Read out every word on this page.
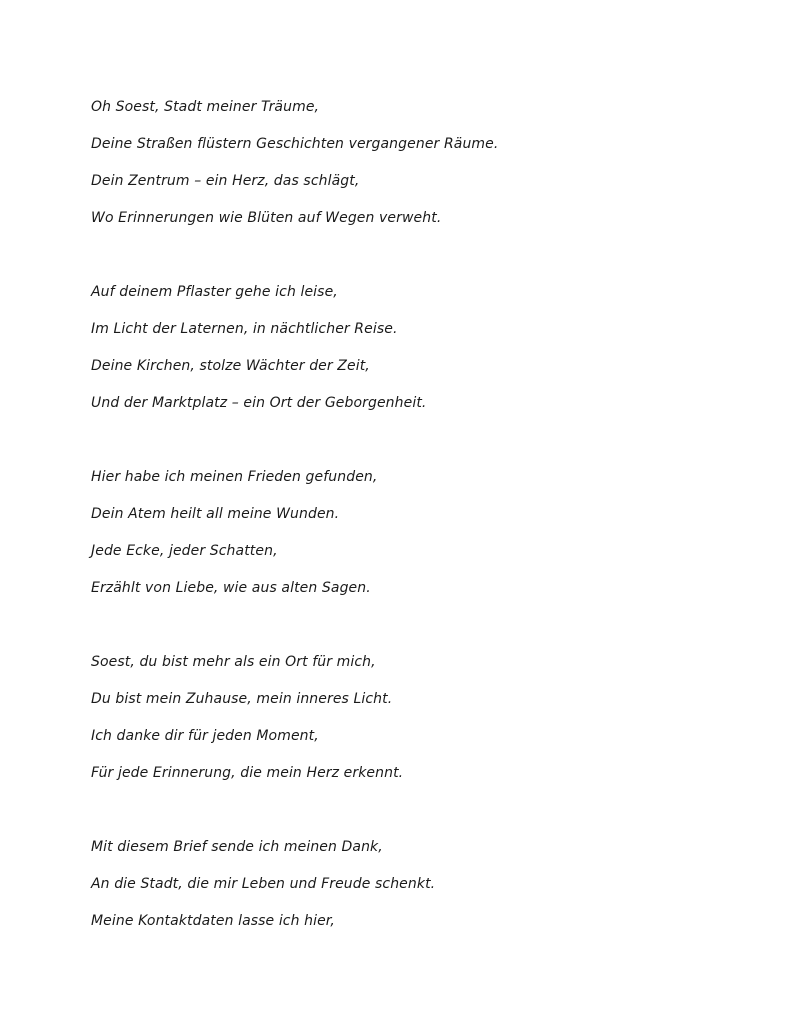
Oh Soest, Stadt meiner Träume,
Deine Straßen flüstern Geschichten vergangener Räume.
Dein Zentrum – ein Herz, das schlägt,
Wo Erinnerungen wie Blüten auf Wegen verweht.
Auf deinem Pflaster gehe ich leise,
Im Licht der Laternen, in nächtlicher Reise.
Deine Kirchen, stolze Wächter der Zeit,
Und der Marktplatz – ein Ort der Geborgenheit.
Hier habe ich meinen Frieden gefunden,
Dein Atem heilt all meine Wunden.
Jede Ecke, jeder Schatten,
Erzählt von Liebe, wie aus alten Sagen.
Soest, du bist mehr als ein Ort für mich,
Du bist mein Zuhause, mein inneres Licht.
Ich danke dir für jeden Moment,
Für jede Erinnerung, die mein Herz erkennt.
Mit diesem Brief sende ich meinen Dank,
An die Stadt, die mir Leben und Freude schenkt.
Meine Kontaktdaten lasse ich hier,
